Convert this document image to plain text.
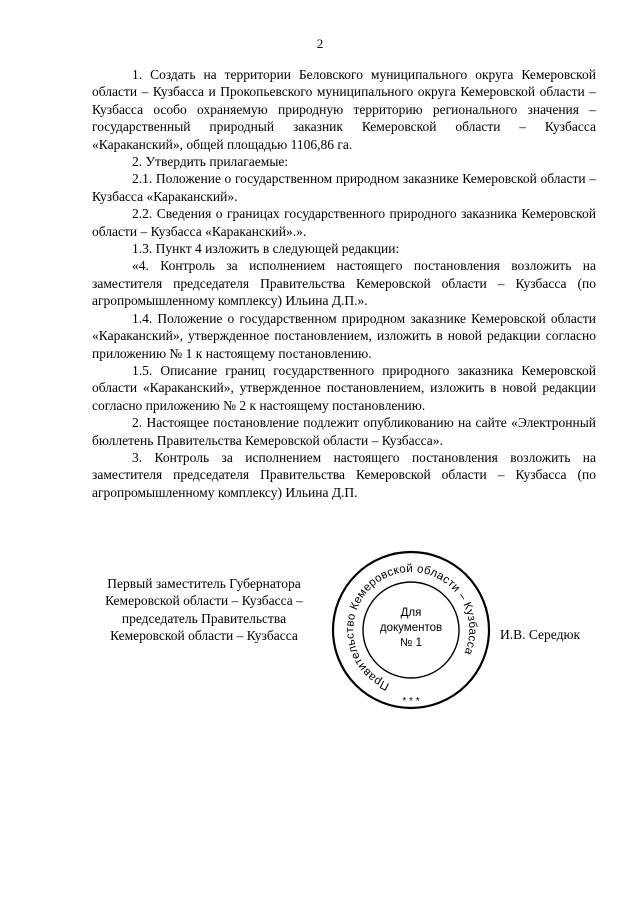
2

1. Создать на территории Беловского муниципального округа Кемеровской области – Кузбасса и Прокопьевского муниципального округа Кемеровской области – Кузбасса особо охраняемую природную территорию регионального значения – государственный природный заказник Кемеровской области – Кузбасса «Караканский», общей площадью 1106,86 га.

2. Утвердить прилагаемые:

2.1. Положение о государственном природном заказнике Кемеровской области – Кузбасса «Караканский».

2.2. Сведения о границах государственного природного заказника Кемеровской области – Кузбасса «Караканский».».

1.3. Пункт 4 изложить в следующей редакции:

«4. Контроль за исполнением настоящего постановления возложить на заместителя председателя Правительства Кемеровской области – Кузбасса (по агропромышленному комплексу) Ильина Д.П.».

1.4. Положение о государственном природном заказнике Кемеровской области «Караканский», утвержденное постановлением, изложить в новой редакции согласно приложению № 1 к настоящему постановлению.

1.5. Описание границ государственного природного заказника Кемеровской области «Караканский», утвержденное постановлением, изложить в новой редакции согласно приложению № 2 к настоящему постановлению.

2. Настоящее постановление подлежит опубликованию на сайте «Электронный бюллетень Правительства Кемеровской области – Кузбасса».

3. Контроль за исполнением настоящего постановления возложить на заместителя председателя Правительства Кемеровской области – Кузбасса (по агропромышленному комплексу) Ильина Д.П.

Первый заместитель Губернатора
Кемеровской области – Кузбасса –
председатель Правительства
Кемеровской области – Кузбасса
Правительство Кемеровской области – Кузбасса
* * *
Для
документов
№ 1
И.В. Середюк
